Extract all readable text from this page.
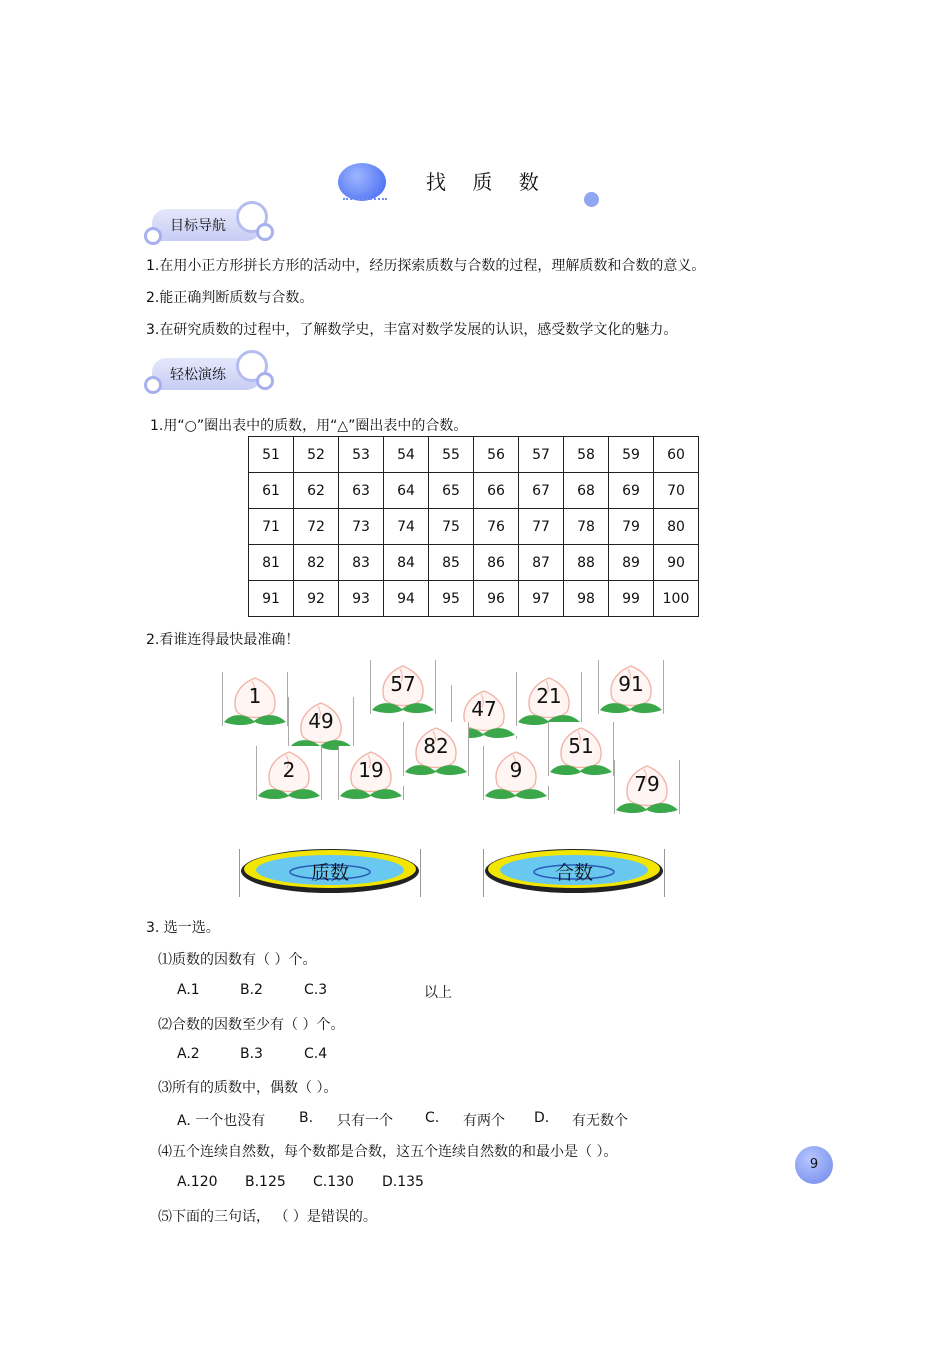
找 质 数
目标导航
1.在用小正方形拼长方形的活动中，经历探索质数与合数的过程，理解质数和合数的意义。
2.能正确判断质数与合数。
3.在研究质数的过程中，了解数学史，丰富对数学发展的认识，感受数学文化的魅力。
轻松演练
1.用“○”圈出表中的质数，用“△”圈出表中的合数。
51	52	53	54	55	56	57	58	59	60
61	62	63	64	65	66	67	68	69	70
71	72	73	74	75	76	77	78	79	80
81	82	83	84	85	86	87	88	89	90
91	92	93	94	95	96	97	98	99	100
2.看谁连得最快最准确！
1
49
57
47
21	91
2	19
82
9
51
79
质数	合数
3. 选一选。
⑴质数的因数有（ ）个。
A.1	B.2	C.3	以上
⑵合数的因数至少有（ ）个。
A.2	B.3	C.4
⑶所有的质数中，偶数（ ）。
A. 一个也没有 B. 只有一个 C. 有两个 D. 有无数个
⑷五个连续自然数，每个数都是合数，这五个连续自然数的和最小是（ ）。
A.120 B.125 C.130 D.135
⑸下面的三句话， （ ）是错误的。
9
